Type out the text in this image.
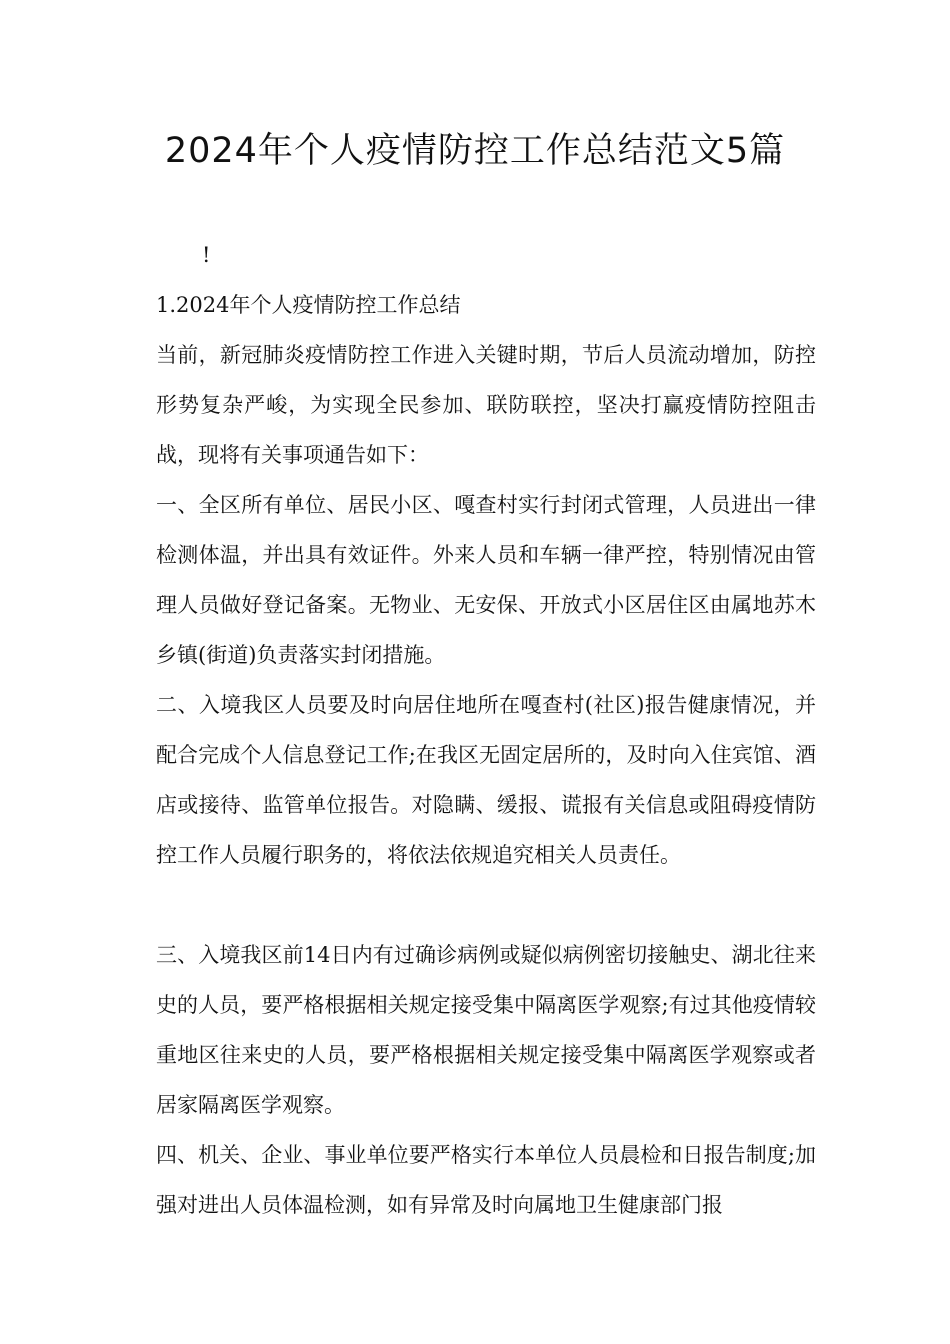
2024年个人疫情防控工作总结范文5篇

!

1.2024年个人疫情防控工作总结

当前，新冠肺炎疫情防控工作进入关键时期，节后人员流动增加，防控形势复杂严峻，为实现全民参加、联防联控，坚决打赢疫情防控阻击战，现将有关事项通告如下：

一、全区所有单位、居民小区、嘎查村实行封闭式管理，人员进出一律检测体温，并出具有效证件。外来人员和车辆一律严控，特别情况由管理人员做好登记备案。无物业、无安保、开放式小区居住区由属地苏木乡镇(街道)负责落实封闭措施。

二、入境我区人员要及时向居住地所在嘎查村(社区)报告健康情况，并配合完成个人信息登记工作;在我区无固定居所的，及时向入住宾馆、酒店或接待、监管单位报告。对隐瞒、缓报、谎报有关信息或阻碍疫情防控工作人员履行职务的，将依法依规追究相关人员责任。

三、入境我区前14日内有过确诊病例或疑似病例密切接触史、湖北往来史的人员，要严格根据相关规定接受集中隔离医学观察;有过其他疫情较重地区往来史的人员，要严格根据相关规定接受集中隔离医学观察或者居家隔离医学观察。

四、机关、企业、事业单位要严格实行本单位人员晨检和日报告制度;加强对进出人员体温检测，如有异常及时向属地卫生健康部门报
